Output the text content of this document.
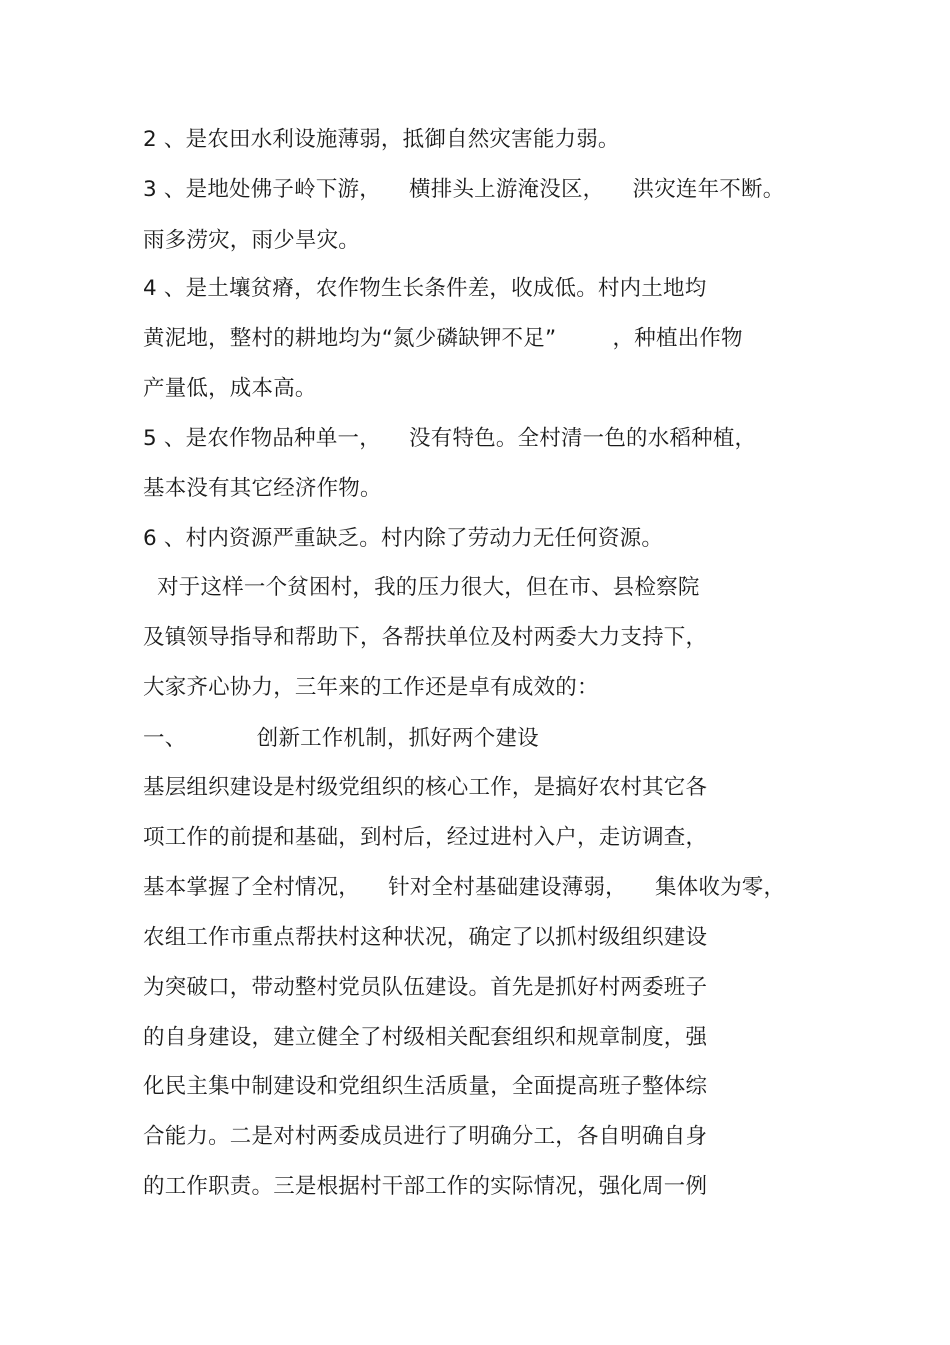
2 、是农田水利设施薄弱，抵御自然灾害能力弱。
3 、是地处佛子岭下游，    横排头上游淹没区，    洪灾连年不断。
雨多涝灾，雨少旱灾。
4 、是土壤贫瘠，农作物生长条件差，收成低。村内土地均
黄泥地，整村的耕地均为“氮少磷缺钾不足”        ，种植出作物
产量低，成本高。
5 、是农作物品种单一，    没有特色。全村清一色的水稻种植，
基本没有其它经济作物。
6 、村内资源严重缺乏。村内除了劳动力无任何资源。
对于这样一个贫困村，我的压力很大，但在市、县检察院
及镇领导指导和帮助下，各帮扶单位及村两委大力支持下，
大家齐心协力，三年来的工作还是卓有成效的：
一、          创新工作机制，抓好两个建设
基层组织建设是村级党组织的核心工作，是搞好农村其它各
项工作的前提和基础，到村后，经过进村入户，走访调查，
基本掌握了全村情况，    针对全村基础建设薄弱，    集体收为零，
农组工作市重点帮扶村这种状况，确定了以抓村级组织建设
为突破口，带动整村党员队伍建设。首先是抓好村两委班子
的自身建设，建立健全了村级相关配套组织和规章制度，强
化民主集中制建设和党组织生活质量，全面提高班子整体综
合能力。二是对村两委成员进行了明确分工，各自明确自身
的工作职责。三是根据村干部工作的实际情况，强化周一例
